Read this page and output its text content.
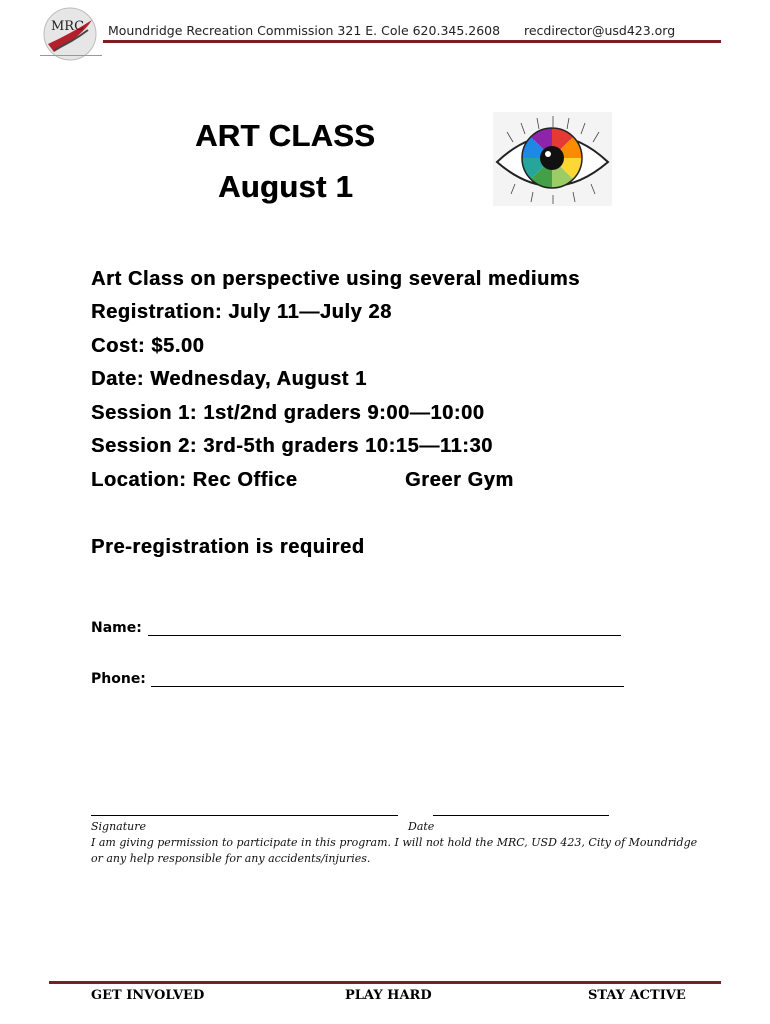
MRC Moundridge Recreation Commission 321 E. Cole 620.345.2608 recdirector@usd423.org
ART CLASS
August 1
Art Class on perspective using several mediums
Registration: July 11—July 28
Cost: $5.00
Date: Wednesday, August 1
Session 1: 1st/2nd graders 9:00—10:00
Session 2: 3rd-5th graders 10:15—11:30
Location: Rec Office	Greer Gym
Pre-registration is required
Name:
Phone:
Signature	Date
I am giving permission to participate in this program. I will not hold the MRC, USD 423, City of Moundridge
or any help responsible for any accidents/injuries.
GET INVOLVED	PLAY HARD	STAY ACTIVE
